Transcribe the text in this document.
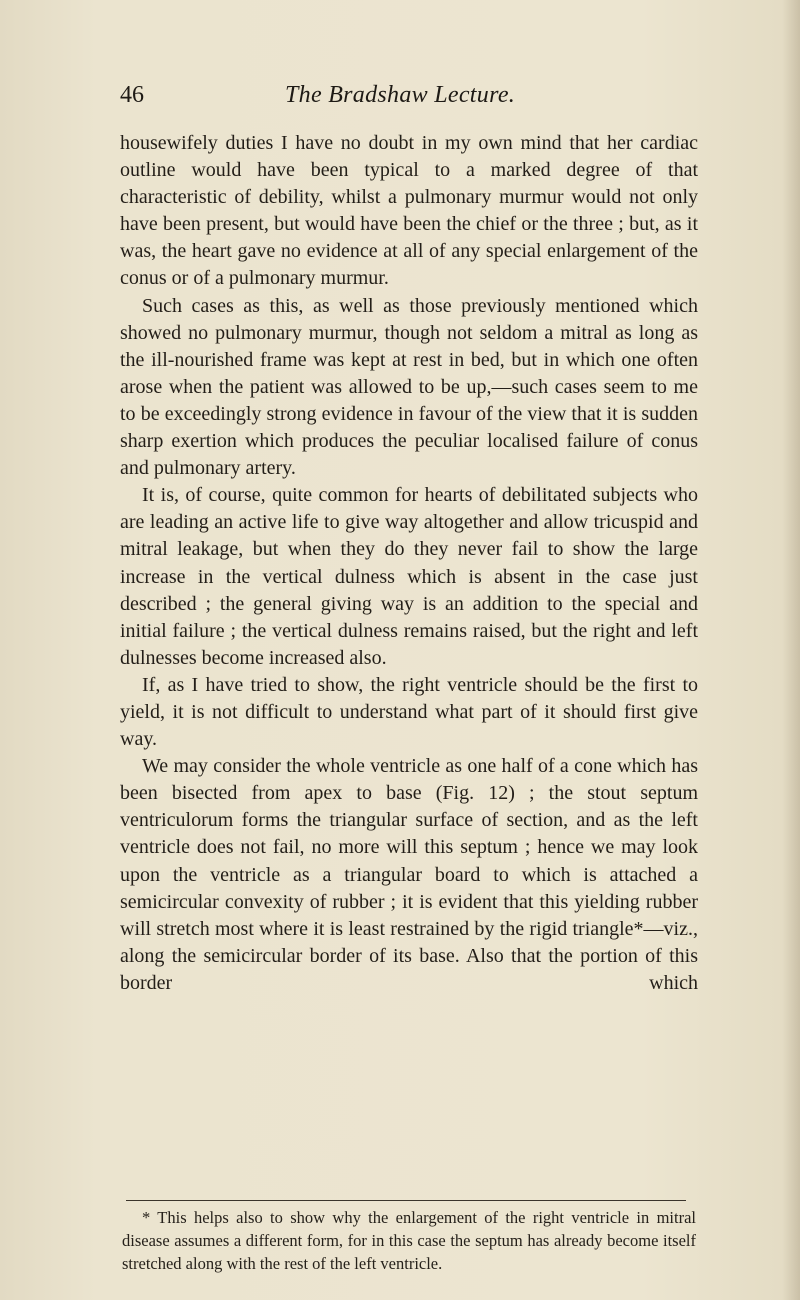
46	The Bradshaw Lecture.

housewifely duties I have no doubt in my own mind that her cardiac outline would have been typical to a marked degree of that characteristic of debility, whilst a pulmonary murmur would not only have been present, but would have been the chief or the three ; but, as it was, the heart gave no evidence at all of any special enlargement of the conus or of a pulmonary murmur.

Such cases as this, as well as those previously mentioned which showed no pulmonary murmur, though not seldom a mitral as long as the ill-nourished frame was kept at rest in bed, but in which one often arose when the patient was allowed to be up,—such cases seem to me to be exceedingly strong evidence in favour of the view that it is sudden sharp exertion which produces the peculiar localised failure of conus and pulmonary artery.

It is, of course, quite common for hearts of debilitated subjects who are leading an active life to give way altogether and allow tricuspid and mitral leakage, but when they do they never fail to show the large increase in the vertical dulness which is absent in the case just described ; the general giving way is an addition to the special and initial failure ; the vertical dulness remains raised, but the right and left dulnesses become increased also.

If, as I have tried to show, the right ventricle should be the first to yield, it is not difficult to understand what part of it should first give way.

We may consider the whole ventricle as one half of a cone which has been bisected from apex to base (Fig. 12) ; the stout septum ventriculorum forms the triangular surface of section, and as the left ventricle does not fail, no more will this septum ; hence we may look upon the ventricle as a triangular board to which is attached a semicircular convexity of rubber ; it is evident that this yielding rubber will stretch most where it is least restrained by the rigid triangle*—viz., along the semicircular border of its base. Also that the portion of this border which

* This helps also to show why the enlargement of the right ventricle in mitral disease assumes a different form, for in this case the septum has already become itself stretched along with the rest of the left ventricle.
